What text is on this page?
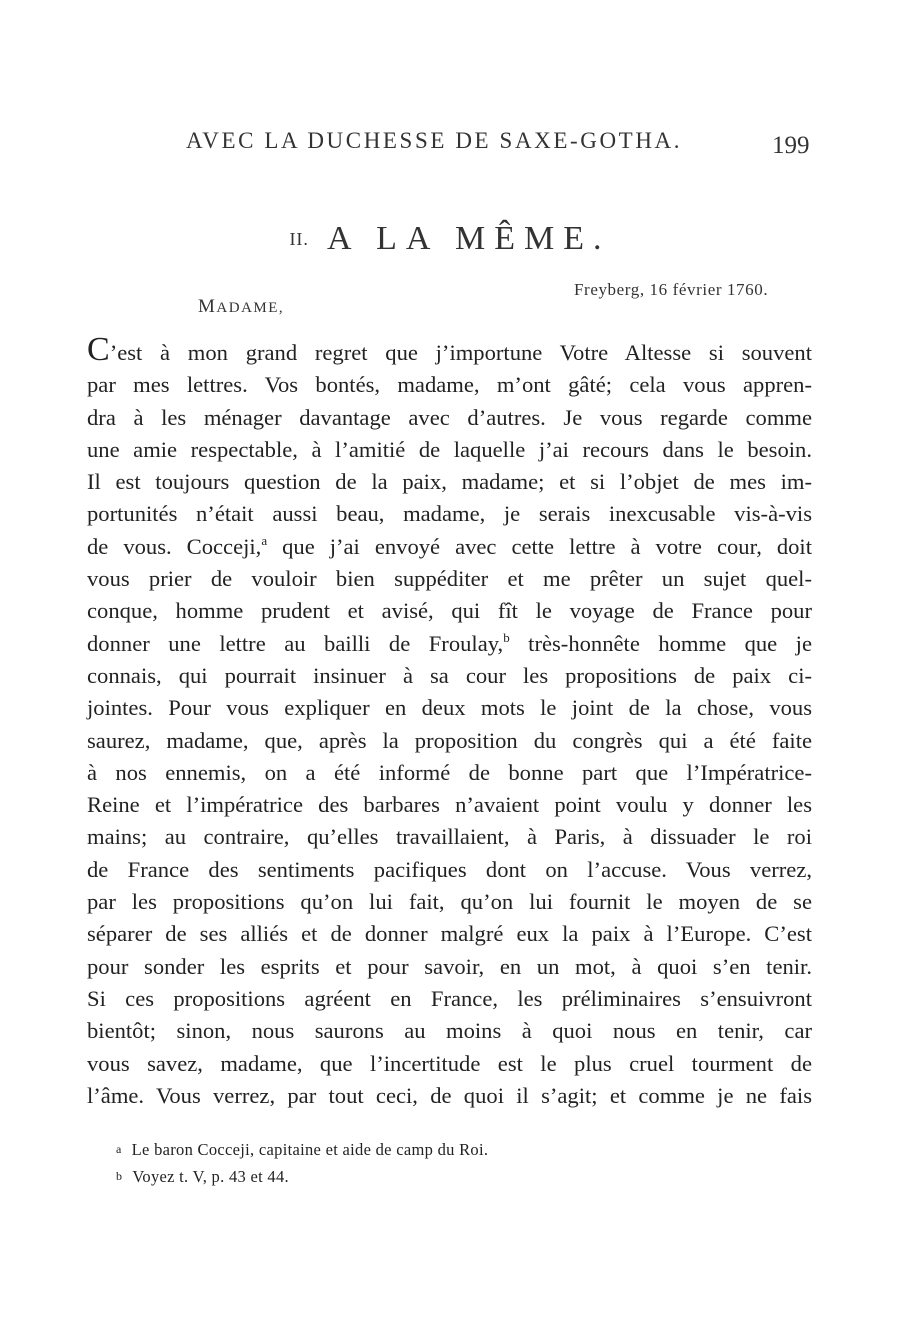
AVEC LA DUCHESSE DE SAXE-GOTHA.	199
II. A LA MÊME.
Freyberg, 16 février 1760.
MADAME,
C’est à mon grand regret que j’importune Votre Altesse si souvent
par mes lettres. Vos bontés, madame, m’ont gâté; cela vous appren-
dra à les ménager davantage avec d’autres. Je vous regarde comme
une amie respectable, à l’amitié de laquelle j’ai recours dans le besoin.
Il est toujours question de la paix, madame; et si l’objet de mes im-
portunités n’était aussi beau, madame, je serais inexcusable vis-à-vis
de vous. Cocceji,$^a$ que j’ai envoyé avec cette lettre à votre cour, doit
vous prier de vouloir bien suppéditer et me prêter un sujet quel-
conque, homme prudent et avisé, qui fît le voyage de France pour
donner une lettre au bailli de Froulay,$^b$ très-honnête homme que je
connais, qui pourrait insinuer à sa cour les propositions de paix ci-
jointes. Pour vous expliquer en deux mots le joint de la chose, vous
saurez, madame, que, après la proposition du congrès qui a été faite
à nos ennemis, on a été informé de bonne part que l’Impératrice-
Reine et l’impératrice des barbares n’avaient point voulu y donner les
mains; au contraire, qu’elles travaillaient, à Paris, à dissuader le roi
de France des sentiments pacifiques dont on l’accuse. Vous verrez,
par les propositions qu’on lui fait, qu’on lui fournit le moyen de se
séparer de ses alliés et de donner malgré eux la paix à l’Europe. C’est
pour sonder les esprits et pour savoir, en un mot, à quoi s’en tenir.
Si ces propositions agréent en France, les préliminaires s’ensuivront
bientôt; sinon, nous saurons au moins à quoi nous en tenir, car
vous savez, madame, que l’incertitude est le plus cruel tourment de
l’âme. Vous verrez, par tout ceci, de quoi il s’agit; et comme je ne fais
a Le baron Cocceji, capitaine et aide de camp du Roi.
b Voyez t. V, p. 43 et 44.
